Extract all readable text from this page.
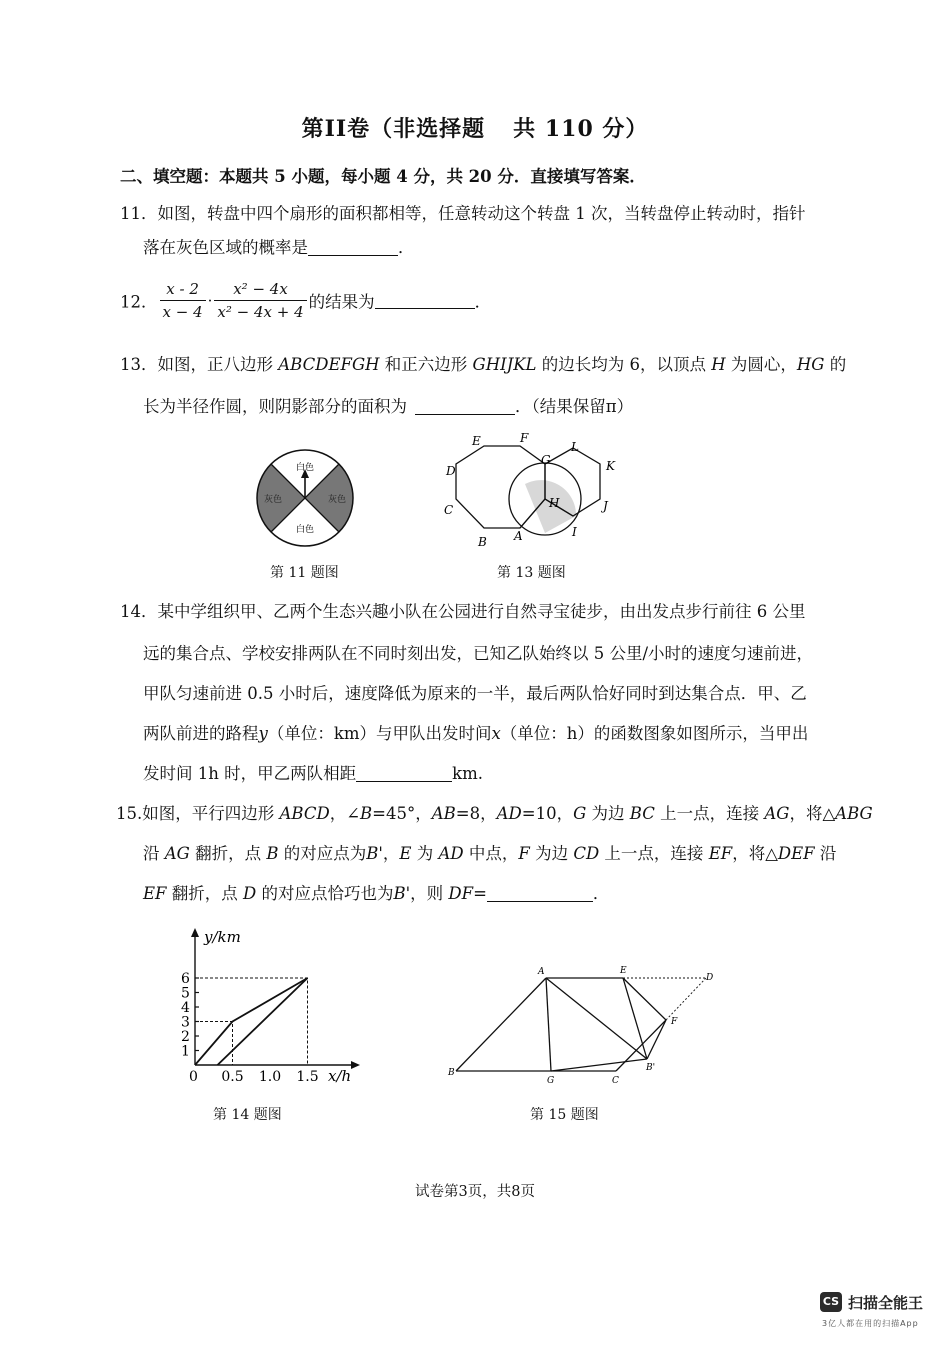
第II卷（非选择题 共 110 分）
二、填空题：本题共 5 小题，每小题 4 分，共 20 分．直接填写答案．
11．如图，转盘中四个扇形的面积都相等，任意转动这个转盘 1 次，当转盘停止转动时，指针
落在灰色区域的概率是	．
12． $\frac{x - 2}{x - 4} \cdot \frac{\text{x² − 4x}}{\text{x² − 4x + 4}}$ 的结果为	．
13．如图，正八边形 ABCDEFGH 和正六边形 GHIJKL 的边长均为 6，以顶点 H 为圆心，HG 的
长为半径作圆，则阴影部分的面积为	．（结果保留π）
白色
白色
灰色	灰色
第 11 题图
A
B
C
D
E	F
G
H
I
J
K
L
第 13 题图
14．某中学组织甲、乙两个生态兴趣小队在公园进行自然寻宝徒步，由出发点步行前往 6 公里
远的集合点、学校安排两队在不同时刻出发，已知乙队始终以 5 公里/小时的速度匀速前进，
甲队匀速前进 0.5 小时后，速度降低为原来的一半，最后两队恰好同时到达集合点．甲、乙
两队前进的路程y（单位：km）与甲队出发时间x（单位：h）的函数图象如图所示，当甲出
发时间 1h 时，甲乙两队相距	km.
15.如图，平行四边形 ABCD，∠B=45°，AB=8，AD=10，G 为边 BC 上一点，连接 AG，将△ABG
沿 AG 翻折，点 B 的对应点为B'，E 为 AD 中点，F 为边 CD 上一点，连接 EF，将△DEF 沿
EF 翻折，点 D 的对应点恰巧也为B'，则 DF=	．
y/km
x/h
0
1
2
3
4
5
6
0.5 1.0 1.5
第 14 题图
A	E
D
F
B'
C
G
B
第 15 题图
试卷第3页，共8页
CS 扫描全能王
3亿人都在用的扫描App
